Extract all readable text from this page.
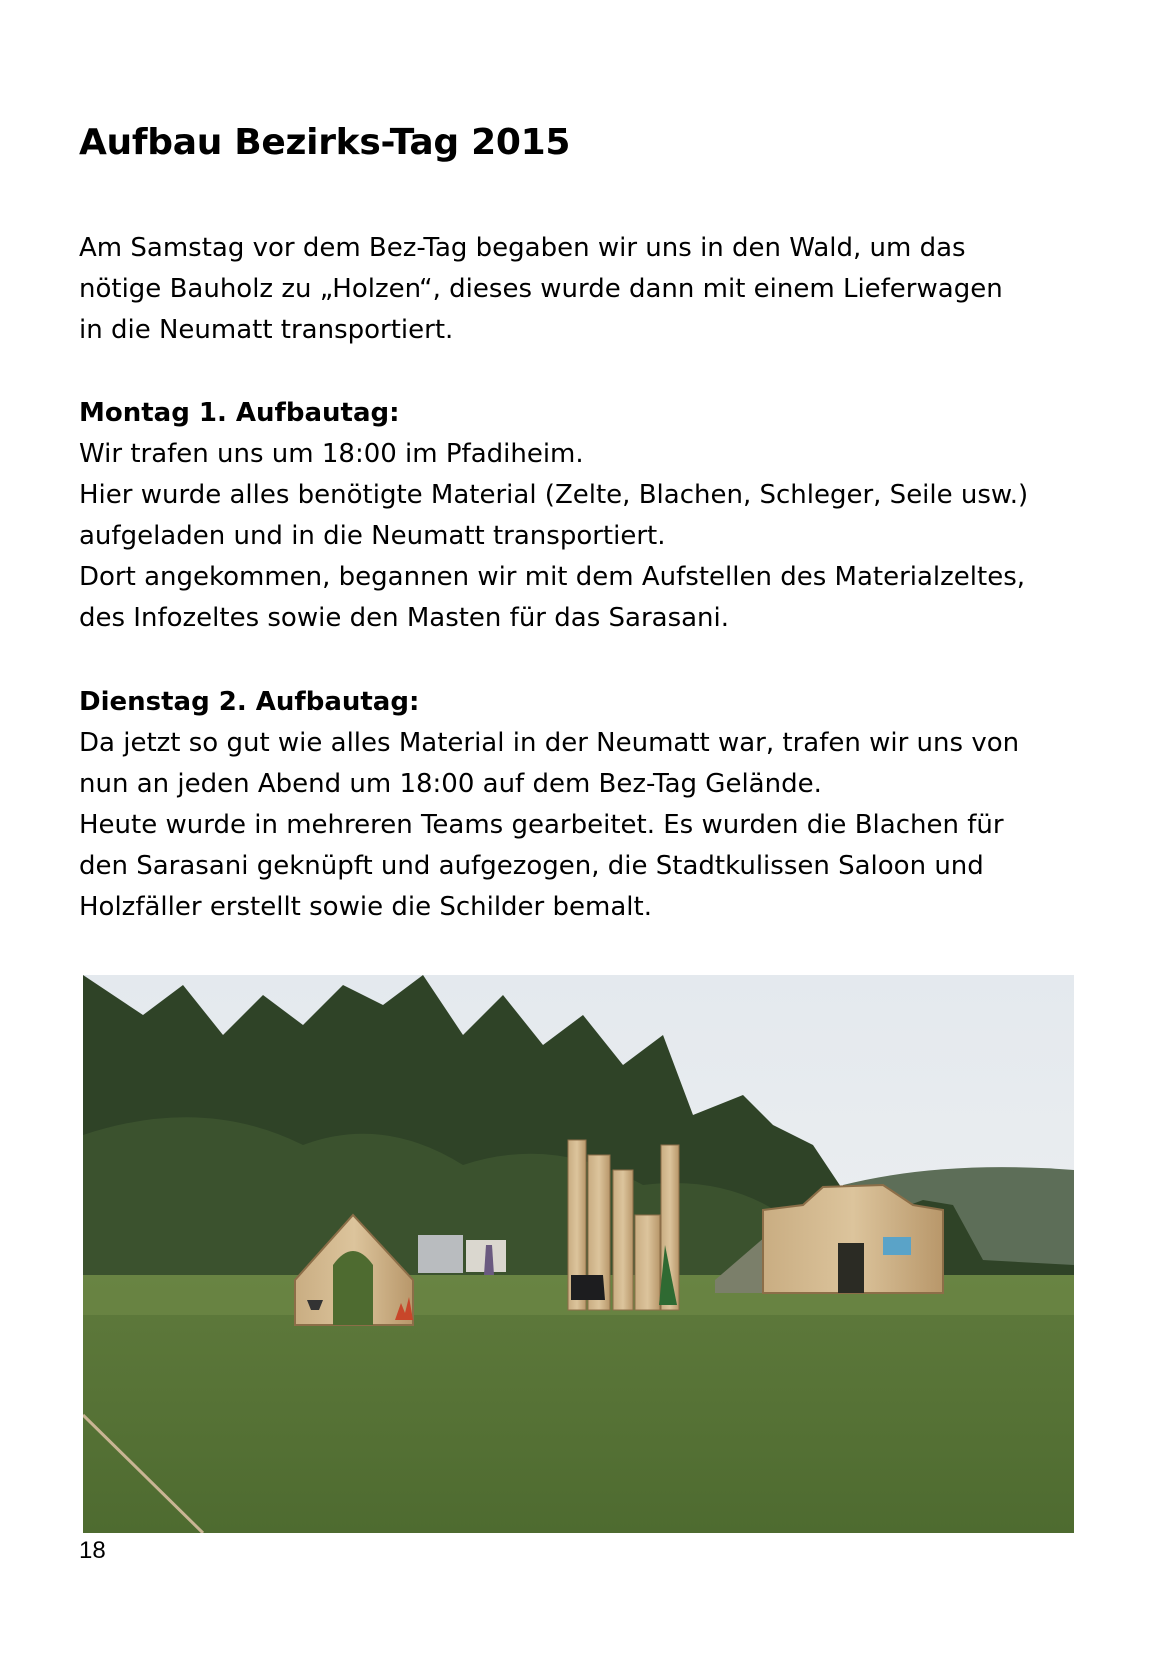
Aufbau Bezirks-Tag 2015

Am Samstag vor dem Bez-Tag begaben wir uns in den Wald, um das
nötige Bauholz zu „Holzen“, dieses wurde dann mit einem Lieferwagen
in die Neumatt transportiert.

Montag 1. Aufbautag:
Wir trafen uns um 18:00 im Pfadiheim.
Hier wurde alles benötigte Material (Zelte, Blachen, Schleger, Seile usw.)
aufgeladen und in die Neumatt transportiert.
Dort angekommen, begannen wir mit dem Aufstellen des Materialzeltes,
des Infozeltes sowie den Masten für das Sarasani.
Dienstag 2. Aufbautag:
Da jetzt so gut wie alles Material in der Neumatt war, trafen wir uns von
nun an jeden Abend um 18:00 auf dem Bez-Tag Gelände.
Heute wurde in mehreren Teams gearbeitet. Es wurden die Blachen für
den Sarasani geknüpft und aufgezogen, die Stadtkulissen Saloon und
Holzfäller erstellt sowie die Schilder bemalt.
18
